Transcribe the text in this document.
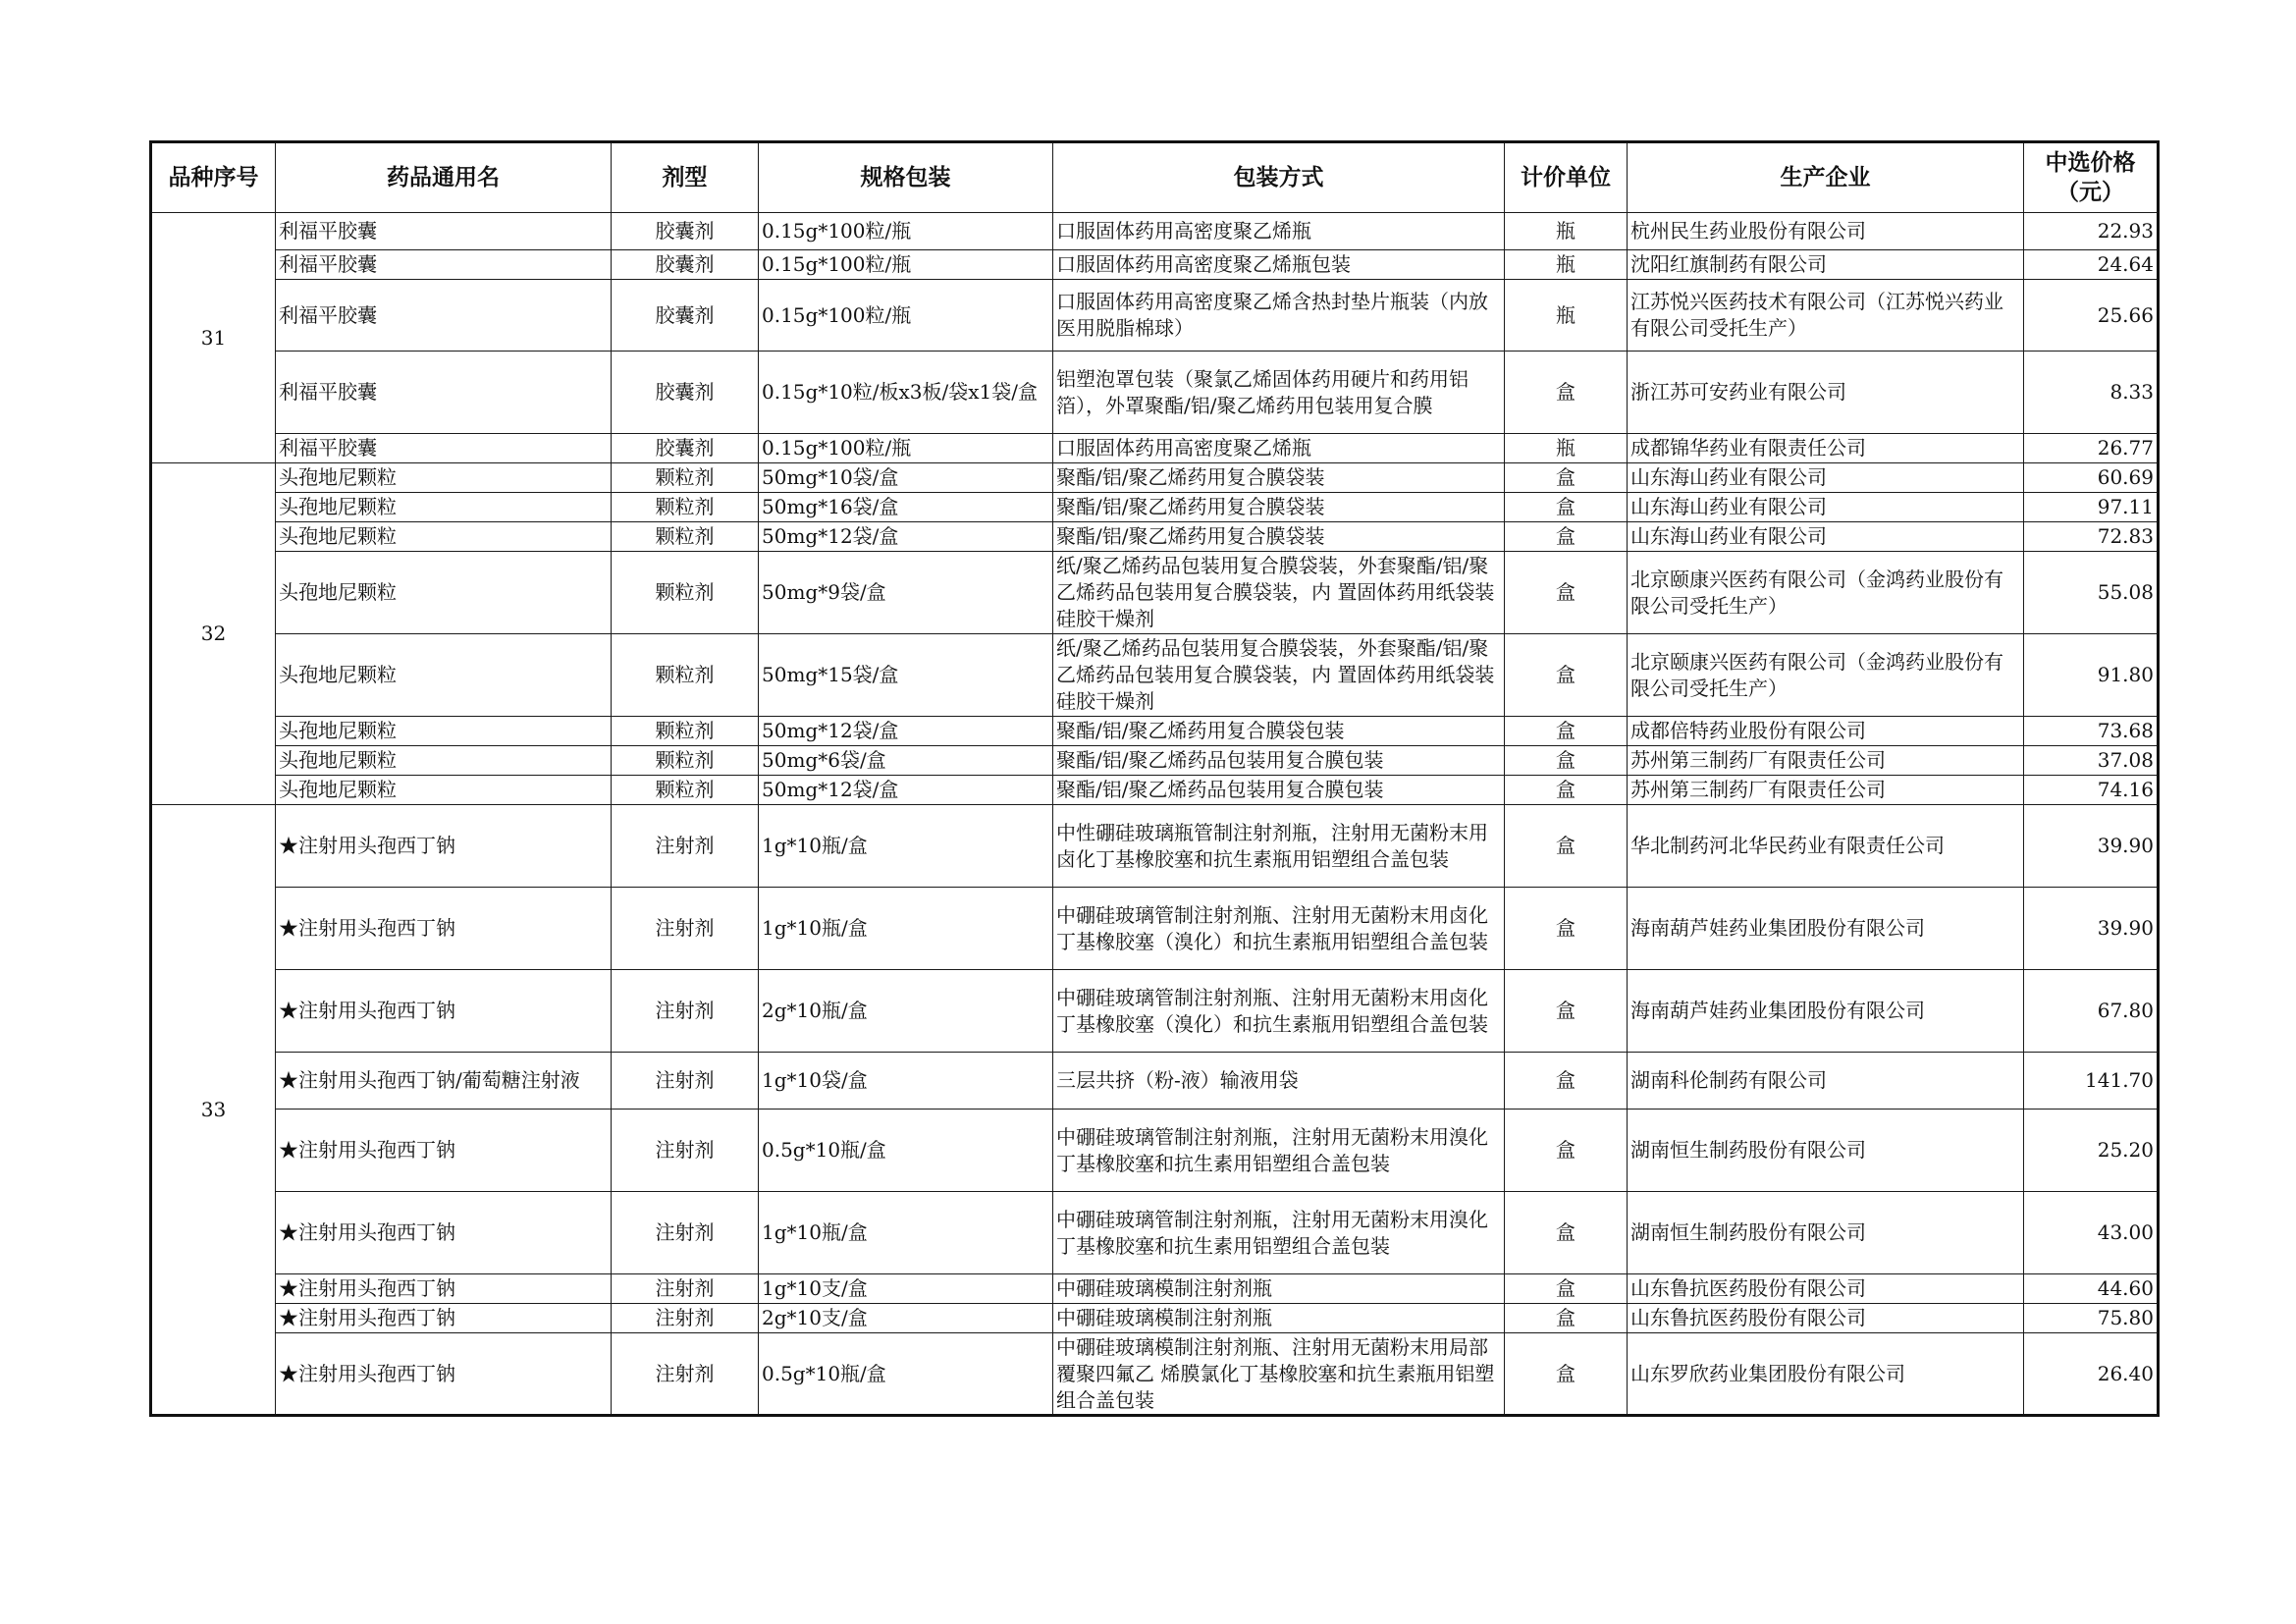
品种序号	药品通用名	剂型	规格包装	包装方式	计价单位	生产企业	中选价格
（元）
31	利福平胶囊	胶囊剂	0.15g*100粒/瓶	口服固体药用高密度聚乙烯瓶	瓶	杭州民生药业股份有限公司	22.93
	利福平胶囊	胶囊剂	0.15g*100粒/瓶	口服固体药用高密度聚乙烯瓶包装	瓶	沈阳红旗制药有限公司	24.64
	利福平胶囊	胶囊剂	0.15g*100粒/瓶	口服固体药用高密度聚乙烯含热封垫片瓶装（内放医用脱脂棉球）	瓶	江苏悦兴医药技术有限公司（江苏悦兴药业有限公司受托生产）	25.66
	利福平胶囊	胶囊剂	0.15g*10粒/板x3板/袋x1袋/盒	铝塑泡罩包装（聚氯乙烯固体药用硬片和药用铝箔），外罩聚酯/铝/聚乙烯药用包装用复合膜	盒	浙江苏可安药业有限公司	8.33
	利福平胶囊	胶囊剂	0.15g*100粒/瓶	口服固体药用高密度聚乙烯瓶	瓶	成都锦华药业有限责任公司	26.77
32	头孢地尼颗粒	颗粒剂	50mg*10袋/盒	聚酯/铝/聚乙烯药用复合膜袋装	盒	山东海山药业有限公司	60.69
	头孢地尼颗粒	颗粒剂	50mg*16袋/盒	聚酯/铝/聚乙烯药用复合膜袋装	盒	山东海山药业有限公司	97.11
	头孢地尼颗粒	颗粒剂	50mg*12袋/盒	聚酯/铝/聚乙烯药用复合膜袋装	盒	山东海山药业有限公司	72.83
	头孢地尼颗粒	颗粒剂	50mg*9袋/盒	纸/聚乙烯药品包装用复合膜袋装，外套聚酯/铝/聚乙烯药品包装用复合膜袋装，内 置固体药用纸袋装硅胶干燥剂	盒	北京颐康兴医药有限公司（金鸿药业股份有限公司受托生产）	55.08
	头孢地尼颗粒	颗粒剂	50mg*15袋/盒	纸/聚乙烯药品包装用复合膜袋装，外套聚酯/铝/聚乙烯药品包装用复合膜袋装，内 置固体药用纸袋装硅胶干燥剂	盒	北京颐康兴医药有限公司（金鸿药业股份有限公司受托生产）	91.80
	头孢地尼颗粒	颗粒剂	50mg*12袋/盒	聚酯/铝/聚乙烯药用复合膜袋包装	盒	成都倍特药业股份有限公司	73.68
	头孢地尼颗粒	颗粒剂	50mg*6袋/盒	聚酯/铝/聚乙烯药品包装用复合膜包装	盒	苏州第三制药厂有限责任公司	37.08
	头孢地尼颗粒	颗粒剂	50mg*12袋/盒	聚酯/铝/聚乙烯药品包装用复合膜包装	盒	苏州第三制药厂有限责任公司	74.16
33	★注射用头孢西丁钠	注射剂	1g*10瓶/盒	中性硼硅玻璃瓶管制注射剂瓶，注射用无菌粉末用卤化丁基橡胶塞和抗生素瓶用铝塑组合盖包装	盒	华北制药河北华民药业有限责任公司	39.90
	★注射用头孢西丁钠	注射剂	1g*10瓶/盒	中硼硅玻璃管制注射剂瓶、注射用无菌粉末用卤化丁基橡胶塞（溴化）和抗生素瓶用铝塑组合盖包装	盒	海南葫芦娃药业集团股份有限公司	39.90
	★注射用头孢西丁钠	注射剂	2g*10瓶/盒	中硼硅玻璃管制注射剂瓶、注射用无菌粉末用卤化丁基橡胶塞（溴化）和抗生素瓶用铝塑组合盖包装	盒	海南葫芦娃药业集团股份有限公司	67.80
	★注射用头孢西丁钠/葡萄糖注射液	注射剂	1g*10袋/盒	三层共挤（粉-液）输液用袋	盒	湖南科伦制药有限公司	141.70
	★注射用头孢西丁钠	注射剂	0.5g*10瓶/盒	中硼硅玻璃管制注射剂瓶，注射用无菌粉末用溴化丁基橡胶塞和抗生素用铝塑组合盖包装	盒	湖南恒生制药股份有限公司	25.20
	★注射用头孢西丁钠	注射剂	1g*10瓶/盒	中硼硅玻璃管制注射剂瓶，注射用无菌粉末用溴化丁基橡胶塞和抗生素用铝塑组合盖包装	盒	湖南恒生制药股份有限公司	43.00
	★注射用头孢西丁钠	注射剂	1g*10支/盒	中硼硅玻璃模制注射剂瓶	盒	山东鲁抗医药股份有限公司	44.60
	★注射用头孢西丁钠	注射剂	2g*10支/盒	中硼硅玻璃模制注射剂瓶	盒	山东鲁抗医药股份有限公司	75.80
	★注射用头孢西丁钠	注射剂	0.5g*10瓶/盒	中硼硅玻璃模制注射剂瓶、注射用无菌粉末用局部覆聚四氟乙 烯膜氯化丁基橡胶塞和抗生素瓶用铝塑组合盖包装	盒	山东罗欣药业集团股份有限公司	26.40
